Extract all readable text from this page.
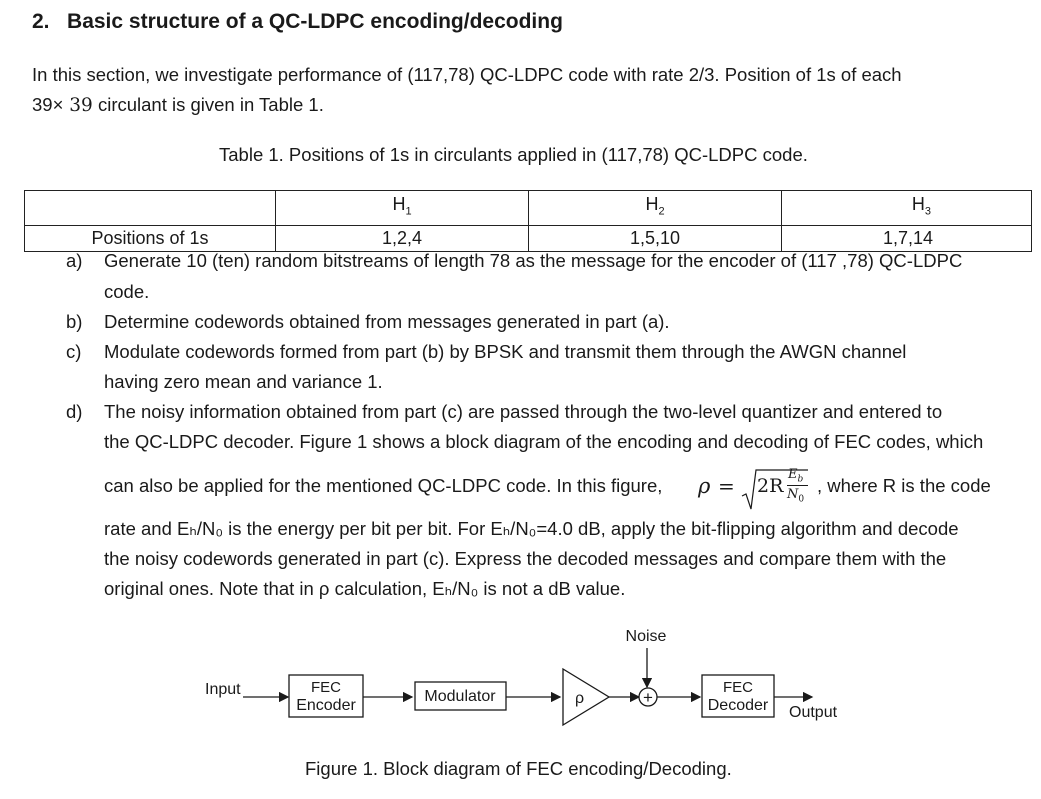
2. Basic structure of a QC-LDPC encoding/decoding
In this section, we investigate performance of (117,78) QC-LDPC code with rate 2/3. Position of 1s of each
39× 39 circulant is given in Table 1.
Table 1. Positions of 1s in circulants applied in (117,78) QC-LDPC code.
	$H_1$	$H_2$	$H_3$
Positions of 1s	1,2,4	1,5,10	1,7,14
a) Generate 10 (ten) random bitstreams of length 78 as the message for the encoder of (117 ,78) QC-LDPC
code.
b) Determine codewords obtained from messages generated in part (a).
c) Modulate codewords formed from part (b) by BPSK and transmit them through the AWGN channel
having zero mean and variance 1.
d) The noisy information obtained from part (c) are passed through the two-level quantizer and entered to
the QC-LDPC decoder. Figure 1 shows a block diagram of the encoding and decoding of FEC codes, which
can also be applied for the mentioned QC-LDPC code. In this figure, ρ = 2R
$E_b$
$N_0$
, where R is the code
rate and Eₕ/N₀ is the energy per bit per bit. For Eₕ/N₀=4.0 dB, apply the bit-flipping algorithm and decode
the noisy codewords generated in part (c). Express the decoded messages and compare them with the
original ones. Note that in ρ calculation, Eₕ/N₀ is not a dB value.
Input	FEC
Encoder
Modulator	ρ
Noise
+
FEC
Decoder Output
Figure 1. Block diagram of FEC encoding/Decoding.
